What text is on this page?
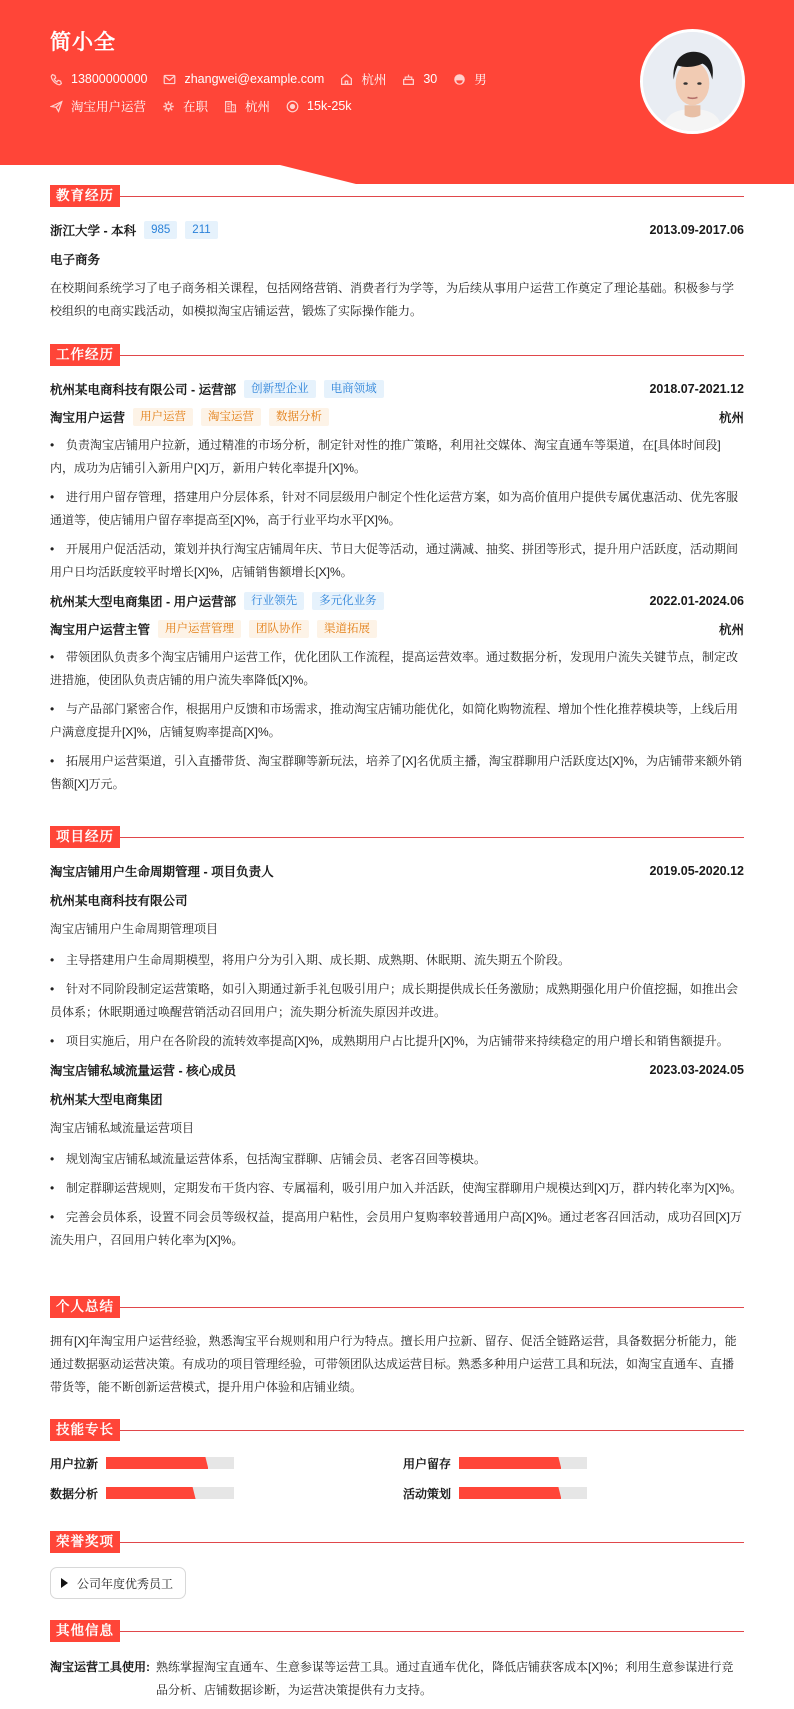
简小全
13800000000	zhangwei@example.com	杭州	30	男
淘宝用户运营	在职	杭州	15k-25k
教育经历
浙江大学 - 本科	985	211	2013.09-2017.06
电子商务
在校期间系统学习了电子商务相关课程，包括网络营销、消费者行为学等，为后续从事用户运营工作奠定了理论基础。积极参与学校组织的电商实践活动，如模拟淘宝店铺运营，锻炼了实际操作能力。
工作经历
杭州某电商科技有限公司 - 运营部	创新型企业	电商领域	2018.07-2021.12
淘宝用户运营	用户运营	淘宝运营	数据分析	杭州
• 负责淘宝店铺用户拉新，通过精准的市场分析，制定针对性的推广策略，利用社交媒体、淘宝直通车等渠道，在[具体时间段]内，成功为店铺引入新用户[X]万，新用户转化率提升[X]%。
• 进行用户留存管理，搭建用户分层体系，针对不同层级用户制定个性化运营方案，如为高价值用户提供专属优惠活动、优先客服通道等，使店铺用户留存率提高至[X]%，高于行业平均水平[X]%。
• 开展用户促活活动，策划并执行淘宝店铺周年庆、节日大促等活动，通过满减、抽奖、拼团等形式，提升用户活跃度，活动期间用户日均活跃度较平时增长[X]%，店铺销售额增长[X]%。
杭州某大型电商集团 - 用户运营部	行业领先	多元化业务	2022.01-2024.06
淘宝用户运营主管	用户运营管理	团队协作	渠道拓展	杭州
• 带领团队负责多个淘宝店铺用户运营工作，优化团队工作流程，提高运营效率。通过数据分析，发现用户流失关键节点，制定改进措施，使团队负责店铺的用户流失率降低[X]%。
• 与产品部门紧密合作，根据用户反馈和市场需求，推动淘宝店铺功能优化，如简化购物流程、增加个性化推荐模块等，上线后用户满意度提升[X]%，店铺复购率提高[X]%。
• 拓展用户运营渠道，引入直播带货、淘宝群聊等新玩法，培养了[X]名优质主播，淘宝群聊用户活跃度达[X]%，为店铺带来额外销售额[X]万元。
项目经历
淘宝店铺用户生命周期管理 - 项目负责人	2019.05-2020.12
杭州某电商科技有限公司
淘宝店铺用户生命周期管理项目
• 主导搭建用户生命周期模型，将用户分为引入期、成长期、成熟期、休眠期、流失期五个阶段。
• 针对不同阶段制定运营策略，如引入期通过新手礼包吸引用户；成长期提供成长任务激励；成熟期强化用户价值挖掘，如推出会员体系；休眠期通过唤醒营销活动召回用户；流失期分析流失原因并改进。
• 项目实施后，用户在各阶段的流转效率提高[X]%，成熟期用户占比提升[X]%，为店铺带来持续稳定的用户增长和销售额提升。
淘宝店铺私域流量运营 - 核心成员	2023.03-2024.05
杭州某大型电商集团
淘宝店铺私域流量运营项目
• 规划淘宝店铺私域流量运营体系，包括淘宝群聊、店铺会员、老客召回等模块。
• 制定群聊运营规则，定期发布干货内容、专属福利，吸引用户加入并活跃，使淘宝群聊用户规模达到[X]万，群内转化率为[X]%。
• 完善会员体系，设置不同会员等级权益，提高用户粘性，会员用户复购率较普通用户高[X]%。通过老客召回活动，成功召回[X]万流失用户，召回用户转化率为[X]%。
个人总结
拥有[X]年淘宝用户运营经验，熟悉淘宝平台规则和用户行为特点。擅长用户拉新、留存、促活全链路运营，具备数据分析能力，能通过数据驱动运营决策。有成功的项目管理经验，可带领团队达成运营目标。熟悉多种用户运营工具和玩法，如淘宝直通车、直播带货等，能不断创新运营模式，提升用户体验和店铺业绩。
技能专长
用户拉新	用户留存
数据分析	活动策划
荣誉奖项
公司年度优秀员工
其他信息
淘宝运营工具使用: 熟练掌握淘宝直通车、生意参谋等运营工具。通过直通车优化，降低店铺获客成本[X]%；利用生意参谋进行竞品分析、店铺数据诊断，为运营决策提供有力支持。
